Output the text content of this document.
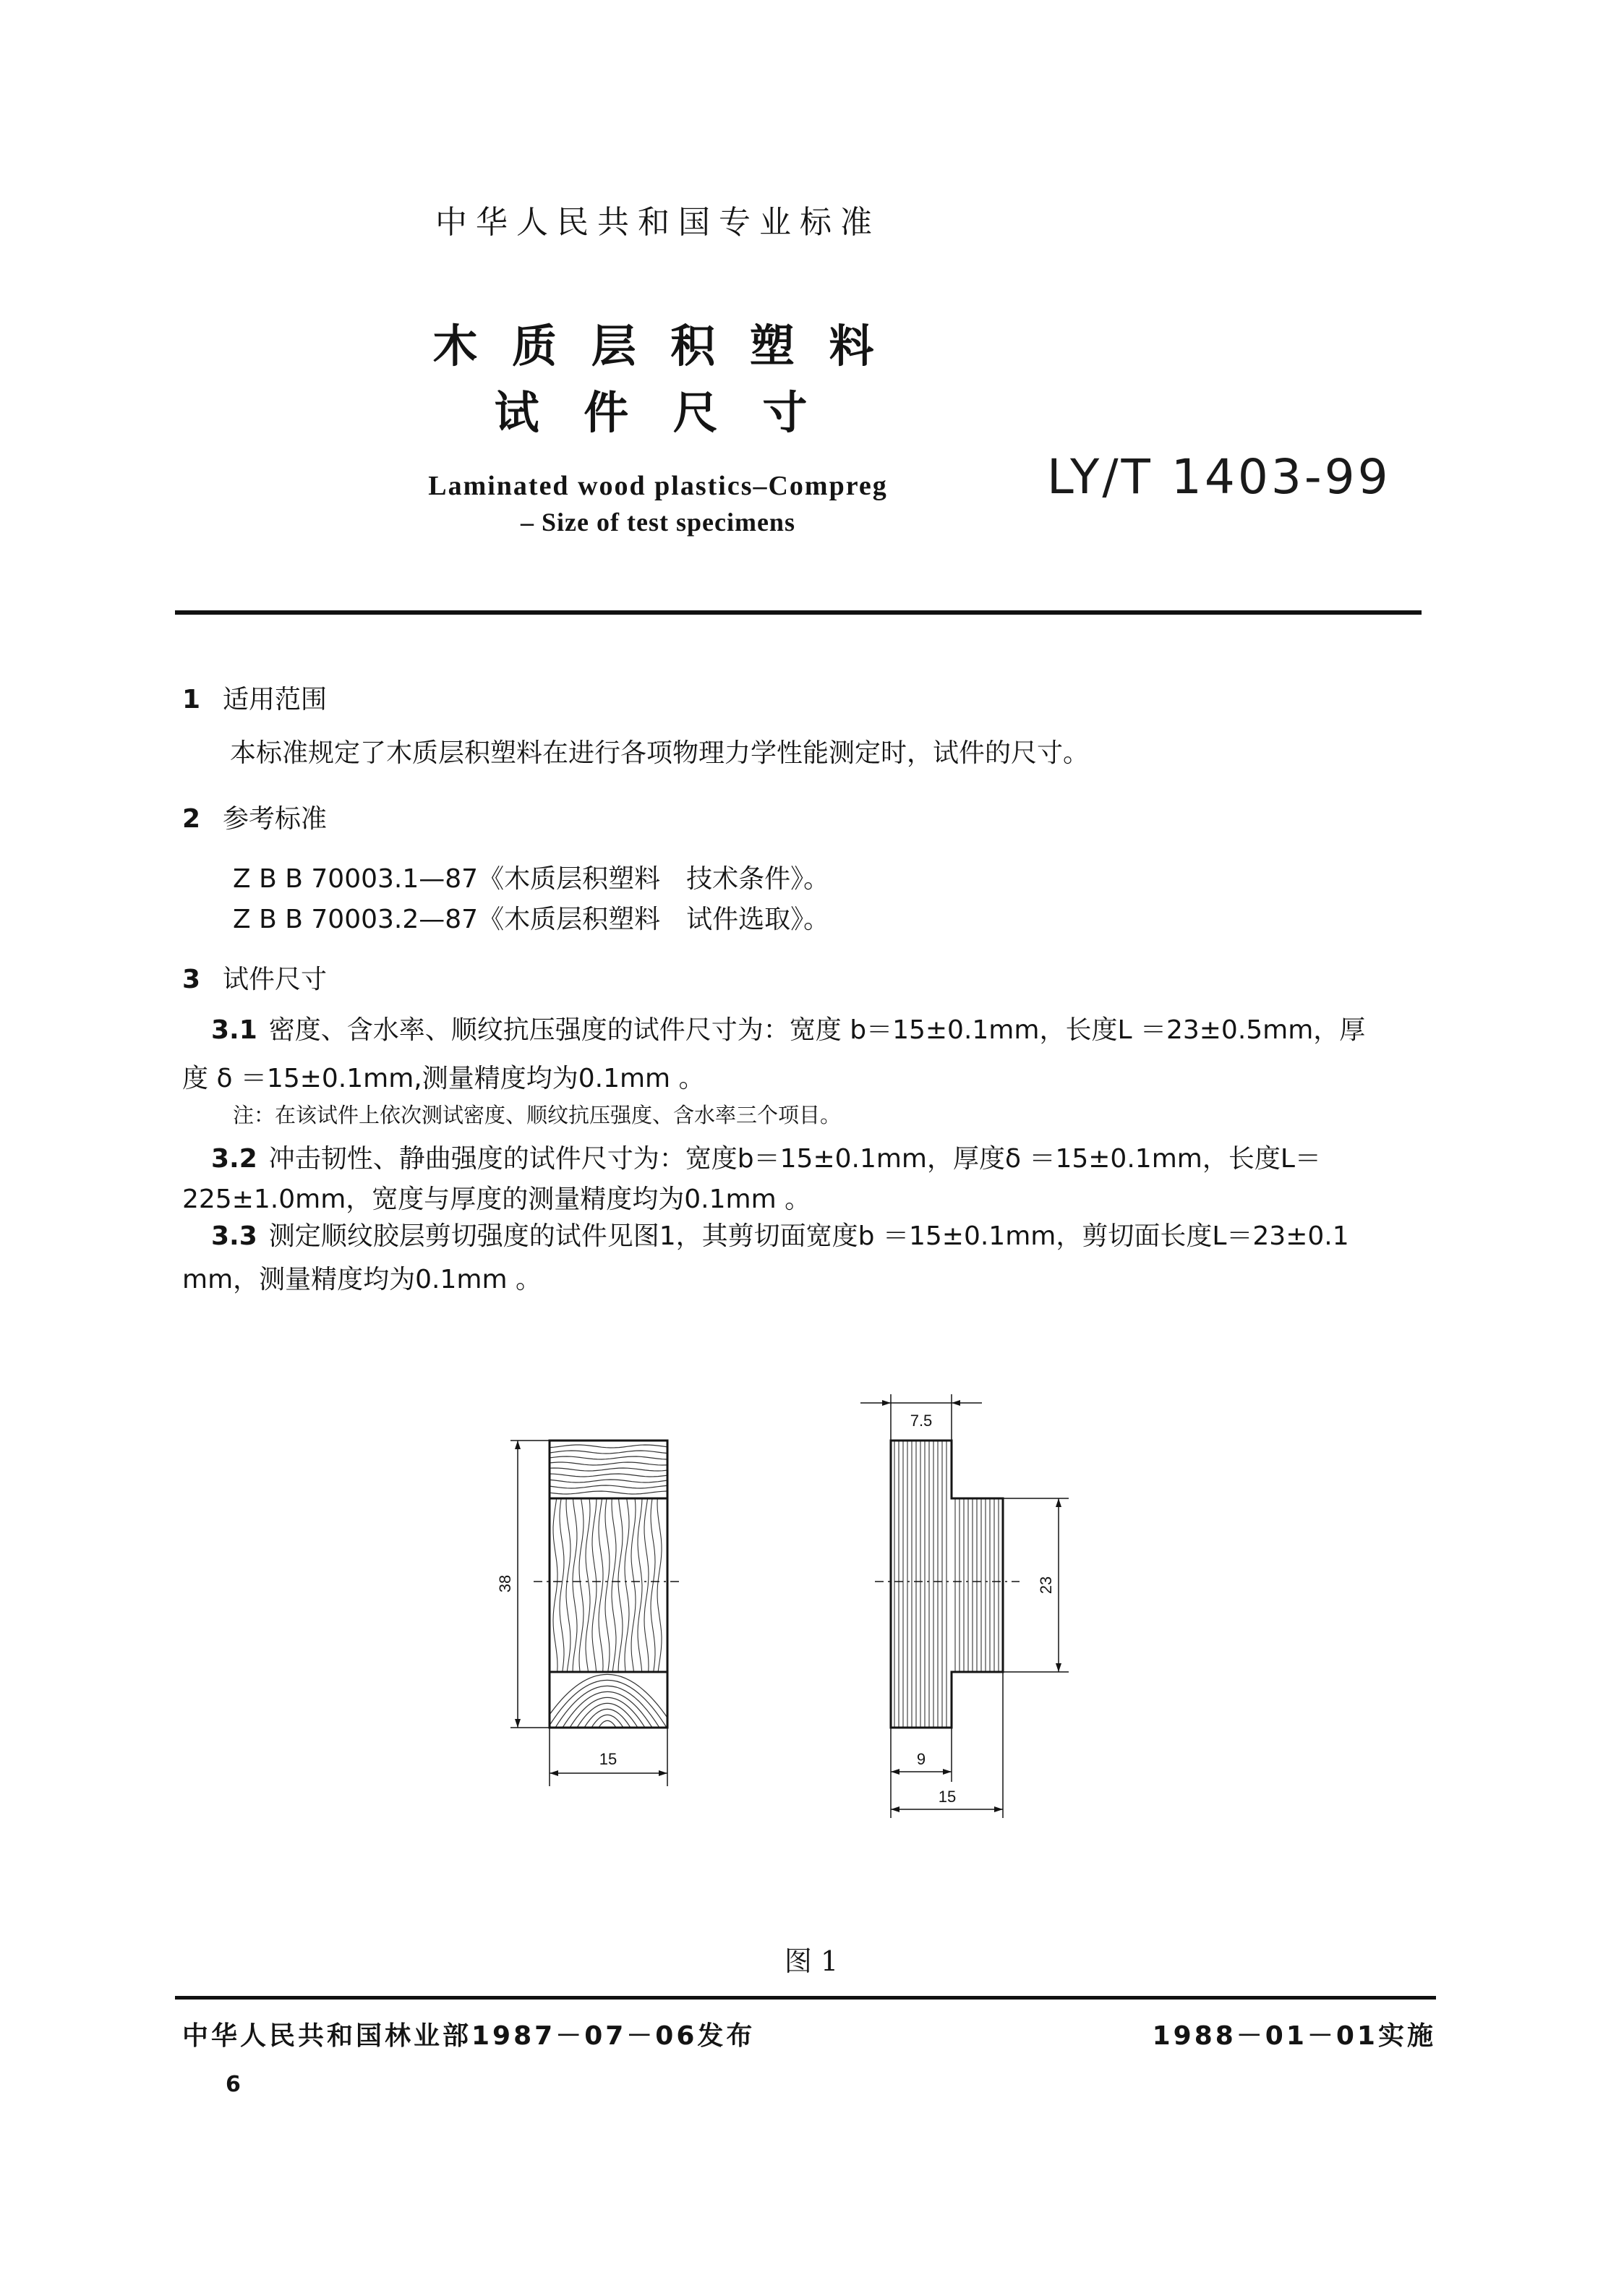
中华人民共和国专业标准
木 质 层 积 塑 料
试 件 尺 寸
Laminated wood plastics–Compreg
– Size of test specimens
LY/T 1403-99
1 适用范围
本标准规定了木质层积塑料在进行各项物理力学性能测定时，试件的尺寸。
2 参考标准
Z B B 70003.1—87《木质层积塑料　技术条件》。
Z B B 70003.2—87《木质层积塑料　试件选取》。
3 试件尺寸
3.1 密度、含水率、顺纹抗压强度的试件尺寸为：宽度 b＝15±0.1mm，长度L ＝23±0.5mm，厚
度 δ ＝15±0.1mm,测量精度均为0.1mm 。
注：在该试件上依次测试密度、顺纹抗压强度、含水率三个项目。
3.2 冲击韧性、静曲强度的试件尺寸为：宽度b＝15±0.1mm，厚度δ ＝15±0.1mm，长度L＝
225±1.0mm，宽度与厚度的测量精度均为0.1mm 。
3.3 测定顺纹胶层剪切强度的试件见图1，其剪切面宽度b ＝15±0.1mm，剪切面长度L＝23±0.1
mm，测量精度均为0.1mm 。
38
15
7.5
23
9
15
图 1
中华人民共和国林业部1987－07－06发布	1988－01－01实施
6
